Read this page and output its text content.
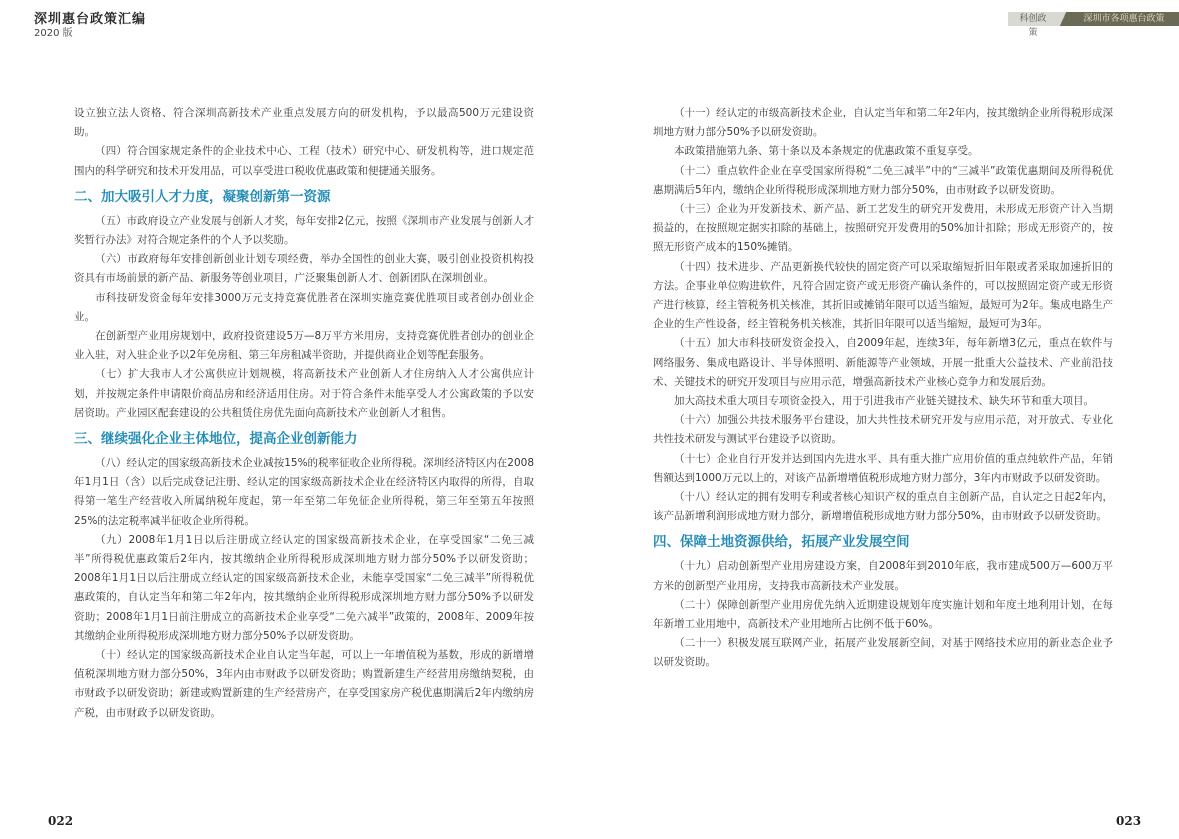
深圳惠台政策汇编
2020 版
科创政策
深圳市各项惠台政策

设立独立法人资格、符合深圳高新技术产业重点发展方向的研发机构，予以最高500万元建设资助。

（四）符合国家规定条件的企业技术中心、工程（技术）研究中心、研发机构等，进口规定范围内的科学研究和技术开发用品，可以享受进口税收优惠政策和便捷通关服务。

二、加大吸引人才力度，凝聚创新第一资源

（五）市政府设立产业发展与创新人才奖，每年安排2亿元，按照《深圳市产业发展与创新人才奖暂行办法》对符合规定条件的个人予以奖励。

（六）市政府每年安排创新创业计划专项经费，举办全国性的创业大赛，吸引创业投资机构投资具有市场前景的新产品、新服务等创业项目，广泛聚集创新人才、创新团队在深圳创业。

市科技研发资金每年安排3000万元支持竞赛优胜者在深圳实施竞赛优胜项目或者创办创业企业。

在创新型产业用房规划中，政府投资建设5万—8万平方米用房，支持竞赛优胜者创办的创业企业入驻，对入驻企业予以2年免房租、第三年房租减半资助，并提供商业企划等配套服务。

（七）扩大我市人才公寓供应计划规模，将高新技术产业创新人才住房纳入人才公寓供应计划，并按规定条件申请限价商品房和经济适用住房。对于符合条件未能享受人才公寓政策的予以安居资助。产业园区配套建设的公共租赁住房优先面向高新技术产业创新人才租售。

三、继续强化企业主体地位，提高企业创新能力

（八）经认定的国家级高新技术企业减按15%的税率征收企业所得税。深圳经济特区内在2008年1月1日（含）以后完成登记注册、经认定的国家级高新技术企业在经济特区内取得的所得，自取得第一笔生产经营收入所属纳税年度起，第一年至第二年免征企业所得税，第三年至第五年按照25%的法定税率减半征收企业所得税。

（九）2008年1月1日以后注册成立经认定的国家级高新技术企业，在享受国家“二免三减半”所得税优惠政策后2年内，按其缴纳企业所得税形成深圳地方财力部分50%予以研发资助；2008年1月1日以后注册成立经认定的国家级高新技术企业，未能享受国家“二免三减半”所得税优惠政策的，自认定当年和第二年2年内，按其缴纳企业所得税形成深圳地方财力部分50%予以研发资助；2008年1月1日前注册成立的高新技术企业享受“二免六减半”政策的，2008年、2009年按其缴纳企业所得税形成深圳地方财力部分50%予以研发资助。

（十）经认定的国家级高新技术企业自认定当年起，可以上一年增值税为基数，形成的新增增值税深圳地方财力部分50%，3年内由市财政予以研发资助；购置新建生产经营用房缴纳契税，由市财政予以研发资助；新建或购置新建的生产经营房产，在享受国家房产税优惠期满后2年内缴纳房产税，由市财政予以研发资助。

（十一）经认定的市级高新技术企业，自认定当年和第二年2年内，按其缴纳企业所得税形成深圳地方财力部分50%予以研发资助。

本政策措施第九条、第十条以及本条规定的优惠政策不重复享受。

（十二）重点软件企业在享受国家所得税“二免三减半”中的“三减半”政策优惠期间及所得税优惠期满后5年内，缴纳企业所得税形成深圳地方财力部分50%，由市财政予以研发资助。

（十三）企业为开发新技术、新产品、新工艺发生的研究开发费用，未形成无形资产计入当期损益的，在按照规定据实扣除的基础上，按照研究开发费用的50%加计扣除；形成无形资产的，按照无形资产成本的150%摊销。

（十四）技术进步、产品更新换代较快的固定资产可以采取缩短折旧年限或者采取加速折旧的方法。企事业单位购进软件，凡符合固定资产或无形资产确认条件的，可以按照固定资产或无形资产进行核算，经主管税务机关核准，其折旧或摊销年限可以适当缩短，最短可为2年。集成电路生产企业的生产性设备，经主管税务机关核准，其折旧年限可以适当缩短，最短可为3年。

（十五）加大市科技研发资金投入，自2009年起，连续3年，每年新增3亿元，重点在软件与网络服务、集成电路设计、半导体照明、新能源等产业领域，开展一批重大公益技术、产业前沿技术、关键技术的研究开发项目与应用示范，增强高新技术产业核心竞争力和发展后劲。

加大高技术重大项目专项资金投入，用于引进我市产业链关键技术、缺失环节和重大项目。

（十六）加强公共技术服务平台建设，加大共性技术研究开发与应用示范，对开放式、专业化共性技术研发与测试平台建设予以资助。

（十七）企业自行开发并达到国内先进水平、具有重大推广应用价值的重点纯软件产品，年销售额达到1000万元以上的，对该产品新增增值税形成地方财力部分，3年内市财政予以研发资助。

（十八）经认定的拥有发明专利或者核心知识产权的重点自主创新产品，自认定之日起2年内，该产品新增利润形成地方财力部分，新增增值税形成地方财力部分50%，由市财政予以研发资助。

四、保障土地资源供给，拓展产业发展空间

（十九）启动创新型产业用房建设方案，自2008年到2010年底，我市建成500万—600万平方米的创新型产业用房，支持我市高新技术产业发展。

（二十）保障创新型产业用房优先纳入近期建设规划年度实施计划和年度土地利用计划，在每年新增工业用地中，高新技术产业用地所占比例不低于60%。

（二十一）积极发展互联网产业，拓展产业发展新空间，对基于网络技术应用的新业态企业予以研发资助。

022	023
